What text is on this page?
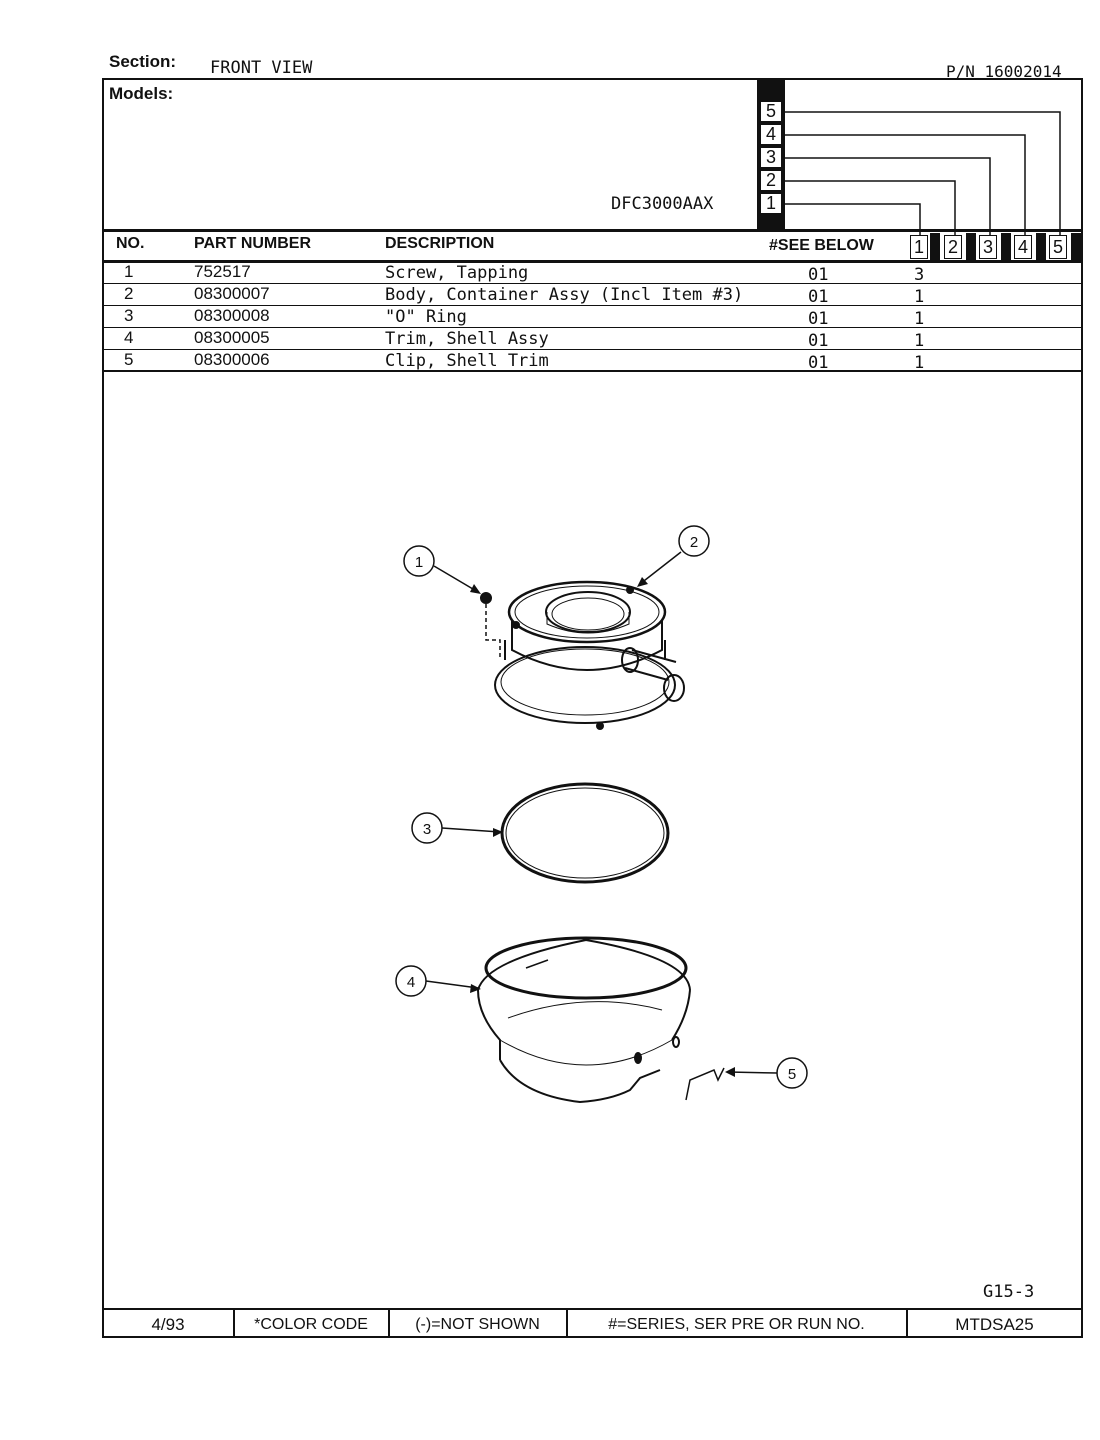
Section: FRONT VIEW	P/N 16002014
Models:
DFC3000AAX
5
4
3
2
1
NO.	PART NUMBER	DESCRIPTION	#SEE BELOW 1 2 3 4 5
1	752517	Screw, Tapping	01	3
2	08300007	Body, Container Assy (Incl Item #3)	01	1
3	08300008	"O" Ring	01	1
4	08300005	Trim, Shell Assy	01	1
5	08300006	Clip, Shell Trim	01	1
1
2
3
4
5
G15-3
4/93	*COLOR CODE	(-)=NOT SHOWN	#=SERIES, SER PRE OR RUN NO.	MTDSA25
